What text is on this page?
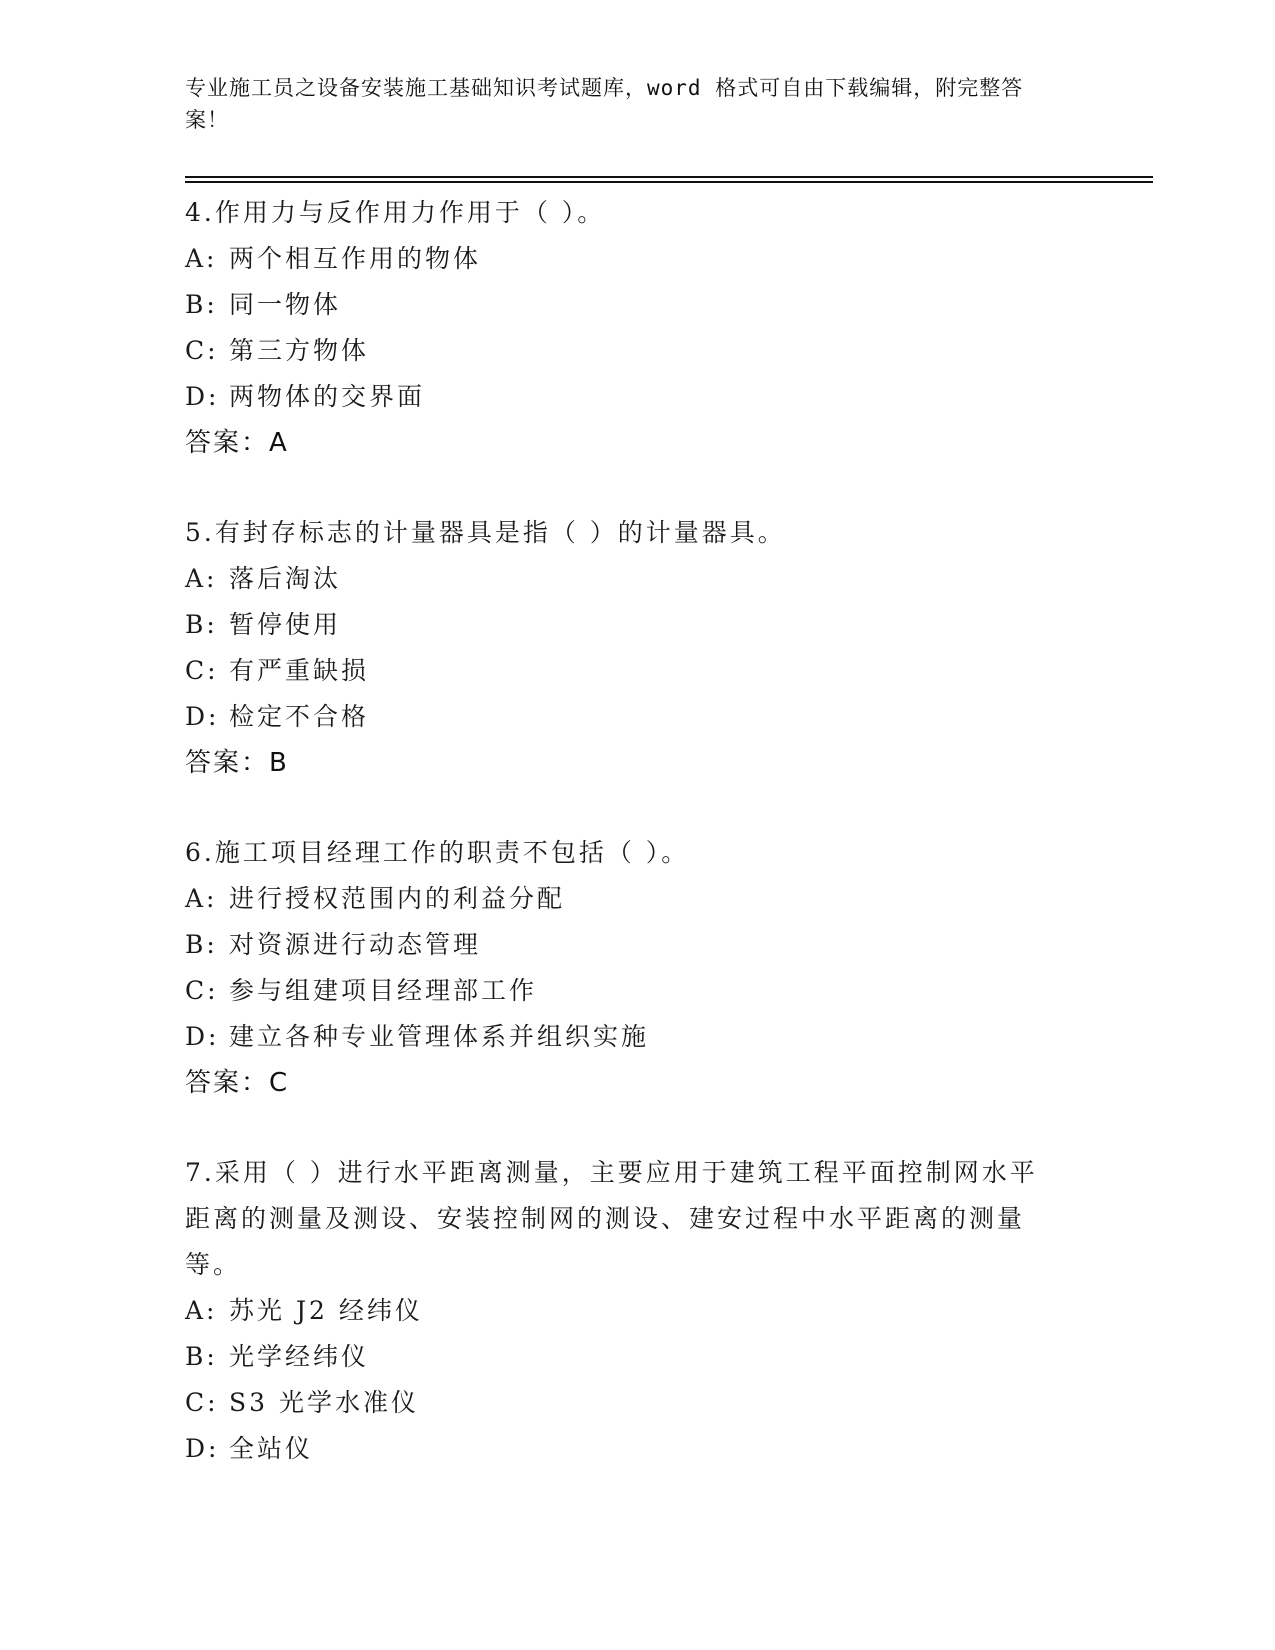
专业施工员之设备安装施工基础知识考试题库，word 格式可自由下载编辑，附完整答案！
4.作用力与反作用力作用于（ ）。
A: 两个相互作用的物体
B: 同一物体
C: 第三方物体
D: 两物体的交界面
答案：A
5.有封存标志的计量器具是指（ ）的计量器具。
A: 落后淘汰
B: 暂停使用
C: 有严重缺损
D: 检定不合格
答案：B
6.施工项目经理工作的职责不包括（ ）。
A: 进行授权范围内的利益分配
B: 对资源进行动态管理
C: 参与组建项目经理部工作
D: 建立各种专业管理体系并组织实施
答案：C
7.采用（ ）进行水平距离测量，主要应用于建筑工程平面控制网水平距离的测量及测设、安装控制网的测设、建安过程中水平距离的测量等。
A: 苏光 J2 经纬仪
B: 光学经纬仪
C: S3 光学水准仪
D: 全站仪
